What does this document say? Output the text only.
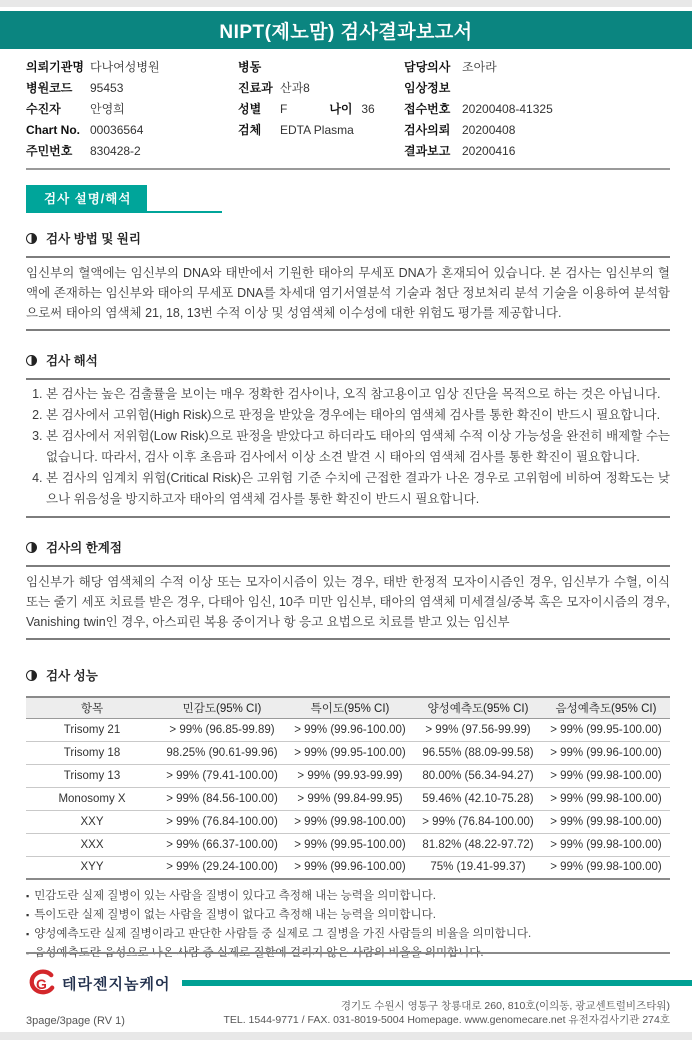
NIPT(제노맘) 검사결과보고서
의뢰기관명 다나여성병원
병원코드	95453
수진자	안영희
Chart No. 00036564
주민번호	830428-2
병동
진료과 산과8
성별	F	나이 36
검체	EDTA Plasma
담당의사 조아라
임상정보
접수번호 20200408-41325
검사의뢰 20200408
결과보고 20200416
검사 설명/해석
검사 방법 및 원리

임신부의 혈액에는 임신부의 DNA와 태반에서 기원한 태아의 무세포 DNA가 혼재되어 있습니다. 본 검사는 임신부의 혈액에 존재하는 임신부와 태아의 무세포 DNA를 차세대 염기서열분석 기술과 첨단 정보처리 분석 기술을 이용하여 분석함으로써 태아의 염색체 21, 18, 13번 수적 이상 및 성염색체 이수성에 대한 위험도 평가를 제공합니다.

검사 해석
1. 본 검사는 높은 검출률을 보이는 매우 정확한 검사이나, 오직 참고용이고 임상 진단을 목적으로 하는 것은 아닙니다.
2. 본 검사에서 고위험(High Risk)으로 판정을 받았을 경우에는 태아의 염색체 검사를 통한 확진이 반드시 필요합니다.
3. 본 검사에서 저위험(Low Risk)으로 판정을 받았다고 하더라도 태아의 염색체 수적 이상 가능성을 완전히 배제할 수는 없습니다. 따라서, 검사 이후 초음파 검사에서 이상 소견 발견 시 태아의 염색체 검사를 통한 확진이 필요합니다.
4. 본 검사의 임계치 위험(Critical Risk)은 고위험 기준 수치에 근접한 결과가 나온 경우로 고위험에 비하여 정확도는 낮으나 위음성을 방지하고자 태아의 염색체 검사를 통한 확진이 반드시 필요합니다.
검사의 한계점

임신부가 해당 염색체의 수적 이상 또는 모자이시즘이 있는 경우, 태반 한정적 모자이시즘인 경우, 임신부가 수혈, 이식 또는 줄기 세포 치료를 받은 경우, 다태아 임신, 10주 미만 임신부, 태아의 염색체 미세결실/중복 혹은 모자이시즘의 경우, Vanishing twin인 경우, 아스피린 복용 중이거나 항 응고 요법으로 치료를 받고 있는 임신부

검사 성능
항목	민감도(95% CI)	특이도(95% CI)	양성예측도(95% CI)	음성예측도(95% CI)
Trisomy 21	> 99% (96.85-99.89)	> 99% (99.96-100.00)	> 99% (97.56-99.99)	> 99% (99.95-100.00)
Trisomy 18	98.25% (90.61-99.96)	> 99% (99.95-100.00)	96.55% (88.09-99.58)	> 99% (99.96-100.00)
Trisomy 13	> 99% (79.41-100.00)	> 99% (99.93-99.99)	80.00% (56.34-94.27)	> 99% (99.98-100.00)
Monosomy X	> 99% (84.56-100.00)	> 99% (99.84-99.95)	59.46% (42.10-75.28)	> 99% (99.98-100.00)
XXY	> 99% (76.84-100.00)	> 99% (99.98-100.00)	> 99% (76.84-100.00)	> 99% (99.98-100.00)
XXX	> 99% (66.37-100.00)	> 99% (99.95-100.00)	81.82% (48.22-97.72)	> 99% (99.98-100.00)
XYY	> 99% (29.24-100.00)	> 99% (99.96-100.00)	75% (19.41-99.37)	> 99% (99.98-100.00)
▪ 민감도란 실제 질병이 있는 사람을 질병이 있다고 측정해 내는 능력을 의미합니다.
▪ 특이도란 실제 질병이 없는 사람을 질병이 없다고 측정해 내는 능력을 의미합니다.
▪ 양성예측도란 실제 질병이라고 판단한 사람들 중 실제로 그 질병을 가진 사람들의 비율을 의미합니다.
▪ 음성예측도란 음성으로 나온 사람 중 실제로 질환에 걸리지 않은 사람의 비율을 의미합니다.
G 테라젠지놈케어
3page/3page (RV 1)
경기도 수원시 영통구 창룡대로 260, 810호(이의동, 광교센트럴비즈타워)
TEL. 1544-9771 / FAX. 031-8019-5004 Homepage. www.genomecare.net 유전자검사기관 274호
